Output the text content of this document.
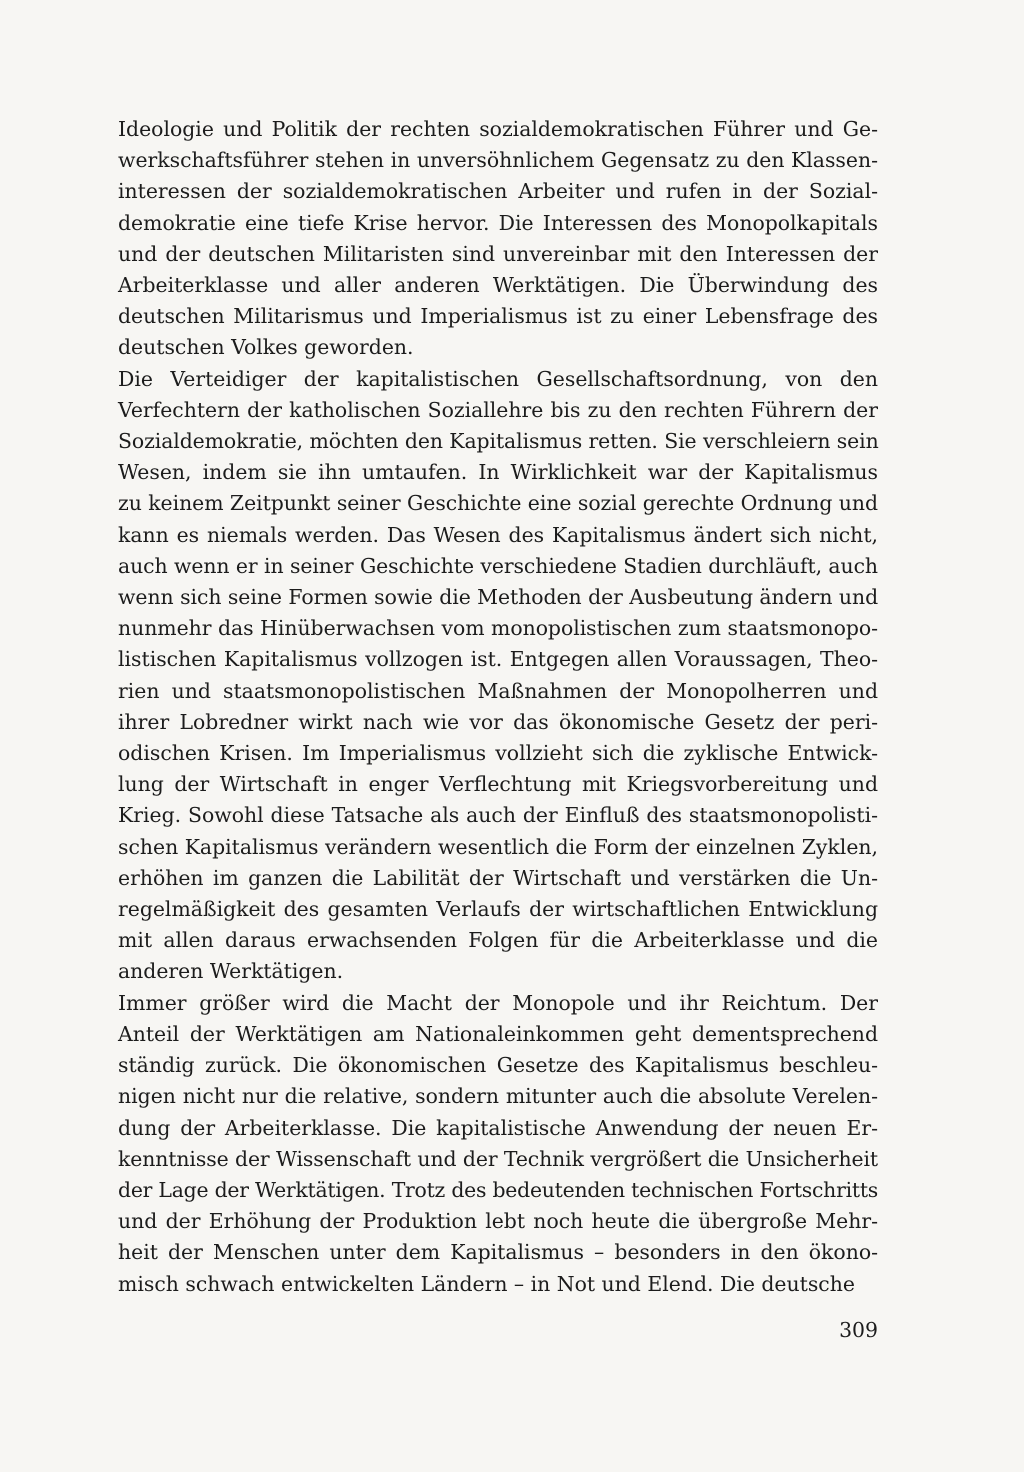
Ideologie und Politik der rechten sozialdemokratischen Führer und Ge-
werkschaftsführer stehen in unversöhnlichem Gegensatz zu den Klassen-
interessen der sozialdemokratischen Arbeiter und rufen in der Sozial-
demokratie eine tiefe Krise hervor. Die Interessen des Monopolkapitals
und der deutschen Militaristen sind unvereinbar mit den Interessen der
Arbeiterklasse und aller anderen Werktätigen. Die Überwindung des
deutschen Militarismus und Imperialismus ist zu einer Lebensfrage des
deutschen Volkes geworden.
Die Verteidiger der kapitalistischen Gesellschaftsordnung, von den
Verfechtern der katholischen Soziallehre bis zu den rechten Führern der
Sozialdemokratie, möchten den Kapitalismus retten. Sie verschleiern sein
Wesen, indem sie ihn umtaufen. In Wirklichkeit war der Kapitalismus
zu keinem Zeitpunkt seiner Geschichte eine sozial gerechte Ordnung und
kann es niemals werden. Das Wesen des Kapitalismus ändert sich nicht,
auch wenn er in seiner Geschichte verschiedene Stadien durchläuft, auch
wenn sich seine Formen sowie die Methoden der Ausbeutung ändern und
nunmehr das Hinüberwachsen vom monopolistischen zum staatsmonopo-
listischen Kapitalismus vollzogen ist. Entgegen allen Voraussagen, Theo-
rien und staatsmonopolistischen Maßnahmen der Monopolherren und
ihrer Lobredner wirkt nach wie vor das ökonomische Gesetz der peri-
odischen Krisen. Im Imperialismus vollzieht sich die zyklische Entwick-
lung der Wirtschaft in enger Verflechtung mit Kriegsvorbereitung und
Krieg. Sowohl diese Tatsache als auch der Einfluß des staatsmonopolisti-
schen Kapitalismus verändern wesentlich die Form der einzelnen Zyklen,
erhöhen im ganzen die Labilität der Wirtschaft und verstärken die Un-
regelmäßigkeit des gesamten Verlaufs der wirtschaftlichen Entwicklung
mit allen daraus erwachsenden Folgen für die Arbeiterklasse und die
anderen Werktätigen.
Immer größer wird die Macht der Monopole und ihr Reichtum. Der
Anteil der Werktätigen am Nationaleinkommen geht dementsprechend
ständig zurück. Die ökonomischen Gesetze des Kapitalismus beschleu-
nigen nicht nur die relative, sondern mitunter auch die absolute Verelen-
dung der Arbeiterklasse. Die kapitalistische Anwendung der neuen Er-
kenntnisse der Wissenschaft und der Technik vergrößert die Unsicherheit
der Lage der Werktätigen. Trotz des bedeutenden technischen Fortschritts
und der Erhöhung der Produktion lebt noch heute die übergroße Mehr-
heit der Menschen unter dem Kapitalismus – besonders in den ökono-
misch schwach entwickelten Ländern – in Not und Elend. Die deutsche
309
